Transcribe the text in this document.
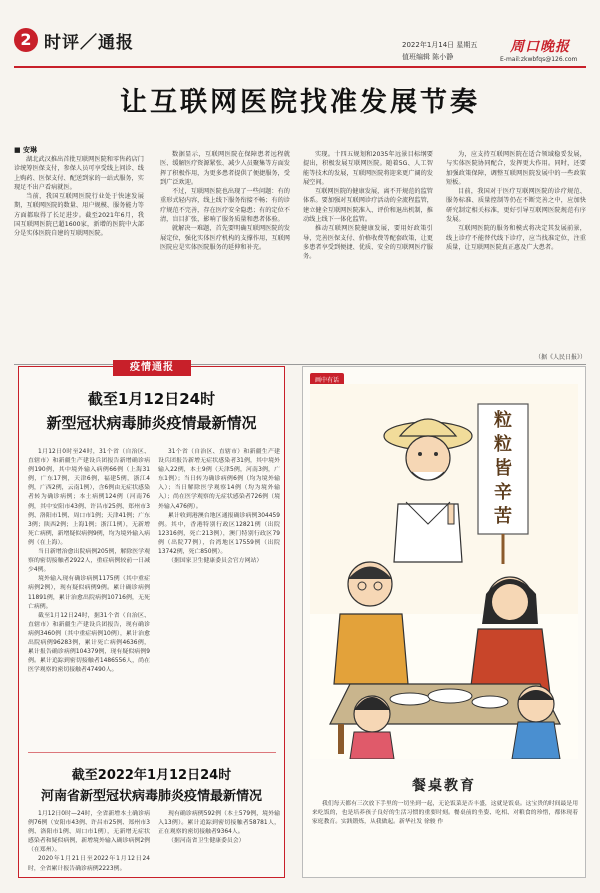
2 时评／通报	2022年1月14日 星期五
值班编辑 陈小静
周口晚报
E-mail:zkwbfqs@126.com
让互联网医院找准发展节奏
■ 安琳

湖北武汉推出首批互联网医院和零售药店门诊统筹医保支付，参保人员可享受线上问诊、线上购药、医保支付、配送到家的一站式服务，实现足不出户看病就医。

当前，我国互联网医院行业处于快速发展期，互联网医院的数量、用户规模、服务能力等方面都取得了长足进步。截至2021年6月，我国互联网医院已超1600家，新增的医院中大部分是实体医院自建的互联网医院。

数据显示，互联网医院在保障患者远程就医、缓解医疗资源紧张、减少人员聚集等方面发挥了积极作用，为更多患者提供了便捷服务，受到广泛欢迎。

不过，互联网医院也出现了一些问题：有的重形式轻内容，线上线下服务衔接不畅；有的诊疗规范不完善，存在医疗安全隐患；有的定位不清，盲目扩张，影响了服务质量和患者体验。

就解决一难题，首先要明确互联网医院的发展定位，强化实体医疗机构的支撑作用，互联网医院应是实体医院服务的延伸和补充。

实现。十四五规划和2035年远景目标纲要提出，积极发展互联网医院。随着5G、人工智能等技术的发展，互联网医院将迎来更广阔的发展空间。

互联网医院的健康发展，离不开规范的监管体系。要加强对互联网诊疗活动的全流程监管，建立健全互联网医院准入、评价和退出机制，推动线上线下一体化监管。

推动互联网医院健康发展，要用好政策引导，完善医保支付、价格收费等配套政策，让更多患者享受到便捷、优质、安全的互联网医疗服务。

为，应支持互联网医院在适合领域稳妥发展，与实体医院协同配合，发挥更大作用。同时，还要加强政策保障，调整互联网医院发展中的一些政策短板。

目前，我国对于医疗互联网医院的诊疗规范、服务标准、质量控制等仍在不断完善之中，应加快研究制定相关标准，更好引导互联网医院规范有序发展。

互联网医院的服务和模式将决定其发展前景，线上诊疗不能替代线下诊疗，应当找准定位，注重质量，让互联网医院真正惠及广大患者。

（据《人民日报》）
疫情通报
截至1月12日24时
新型冠状病毒肺炎疫情最新情况

1月12日0时至24时，31个省（自治区、直辖市）和新疆生产建设兵团报告新增确诊病例190例，其中境外输入病例66例（上海31例，广东17例，天津6例，福建5例，浙江4例，广西2例，云南1例），含6例由无症状感染者转为确诊病例；本土病例124例（河南76例，其中安阳市43例、许昌市25例、郑州市3例、洛阳市1例、周口市1例；天津41例；广东3例；陕西2例；上海1例；浙江1例），无新增死亡病例，新增疑似病例9例，均为境外输入病例（在上海）。

当日新增治愈出院病例205例，解除医学观察的密切接触者2922人，重症病例较前一日减少4例。

境外输入现有确诊病例1175例（其中重症病例2例），现有疑似病例9例。累计确诊病例11891例，累计治愈出院病例10716例，无死亡病例。

截至1月12日24时，据31个省（自治区、直辖市）和新疆生产建设兵团报告，现有确诊病例3460例（其中重症病例10例），累计治愈出院病例96283例，累计死亡病例4636例，累计报告确诊病例104379例，现有疑似病例9例。累计追踪到密切接触者1486556人，尚在医学观察的密切接触者47490人。

31个省（自治区、直辖市）和新疆生产建设兵团报告新增无症状感染者31例，其中境外输入22例，本土9例（天津5例，河南3例，广东1例）；当日转为确诊病例6例（均为境外输入）；当日解除医学观察14例（均为境外输入）；尚在医学观察的无症状感染者726例（境外输入476例）。

累计收到港澳台地区通报确诊病例304459例。其中，香港特别行政区12821例（出院12316例，死亡213例），澳门特别行政区79例（出院77例），台湾地区17559例（出院13742例，死亡850例）。

（据国家卫生健康委员会官方网站）

截至2022年1月12日24时
河南省新型冠状病毒肺炎疫情最新情况

1月12日0时—24时，全省新增本土确诊病例76例（安阳市43例、许昌市25例、郑州市3例、洛阳市1例、周口市1例），无新增无症状感染者和疑似病例，新增境外输入确诊病例2例（在郑州）。

2020年1月21日至2022年1月12日24时，全省累计报告确诊病例2223例。

现有确诊病例592例（本土579例，境外输入13例）。累计追踪到密切接触者58781人，正在观察的密切接触者9364人。

（据河南省卫生健康委员会）

画中有话
粒
粒
皆
辛
苦
餐桌教育
我们每天都有三次放下手里的一切坐到一起，无论饭菜是否丰盛，这就是饭桌。这宝贵的时间最是用来吃饭的，也是培养孩子良好的生活习惯的重要时刻。餐桌前的坐姿、吃相、对粮食的珍惜，都体现着家庭教育。实践锻炼，从我做起。新华社发 徐骏 作
